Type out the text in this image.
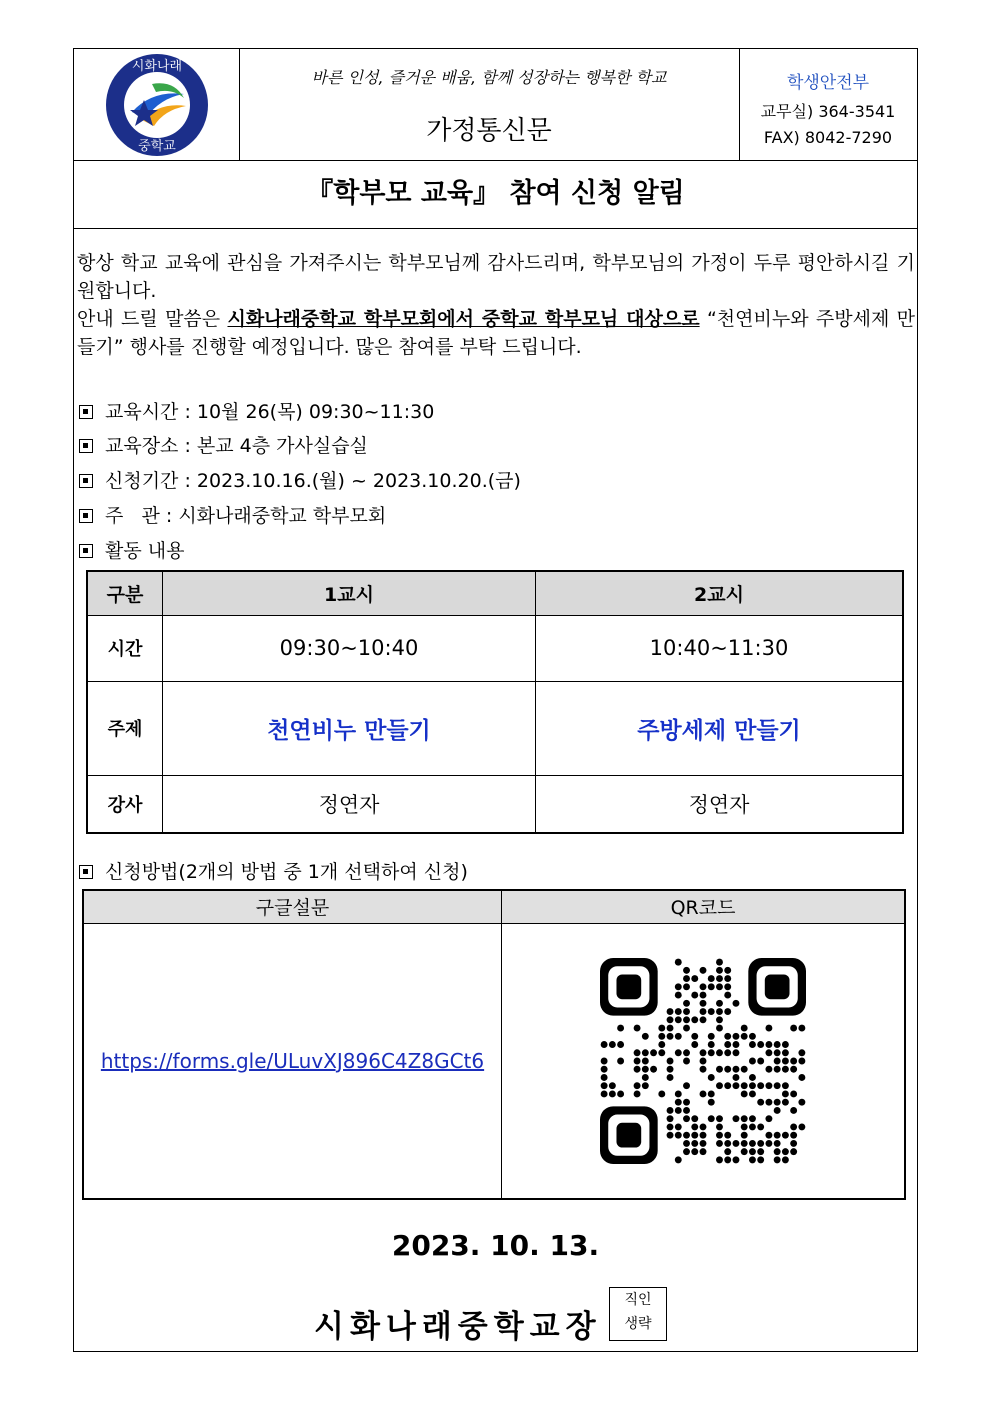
시화나래
중학교
바른 인성, 즐거운 배움, 함께 성장하는 행복한 학교
가정통신문
학생안전부
교무실) 364-3541
FAX) 8042-7290
『학부모 교육』 참여 신청 알림

항상 학교 교육에 관심을 가져주시는 학부모님께 감사드리며, 학부모님의 가정이 두루 평안하시길 기원합니다.

안내 드릴 말씀은 시화나래중학교 학부모회에서 중학교 학부모님 대상으로 “천연비누와 주방세제 만들기” 행사를 진행할 예정입니다. 많은 참여를 부탁 드립니다.

교육시간 : 10월 26(목) 09:30~11:30
교육장소 : 본교 4층 가사실습실
신청기간 : 2023.10.16.(월) ~ 2023.10.20.(금)
주   관 : 시화나래중학교 학부모회
활동 내용
구분	1교시	2교시
시간	09:30~10:40	10:40~11:30
주제	천연비누 만들기	주방세제 만들기
강사	정연자	정연자
신청방법(2개의 방법 중 1개 선택하여 신청)
구글설문	QR코드
https://forms.gle/ULuvXJ896C4Z8GCt6	
2023. 10. 13.
시화나래중학교장
직인
생략
